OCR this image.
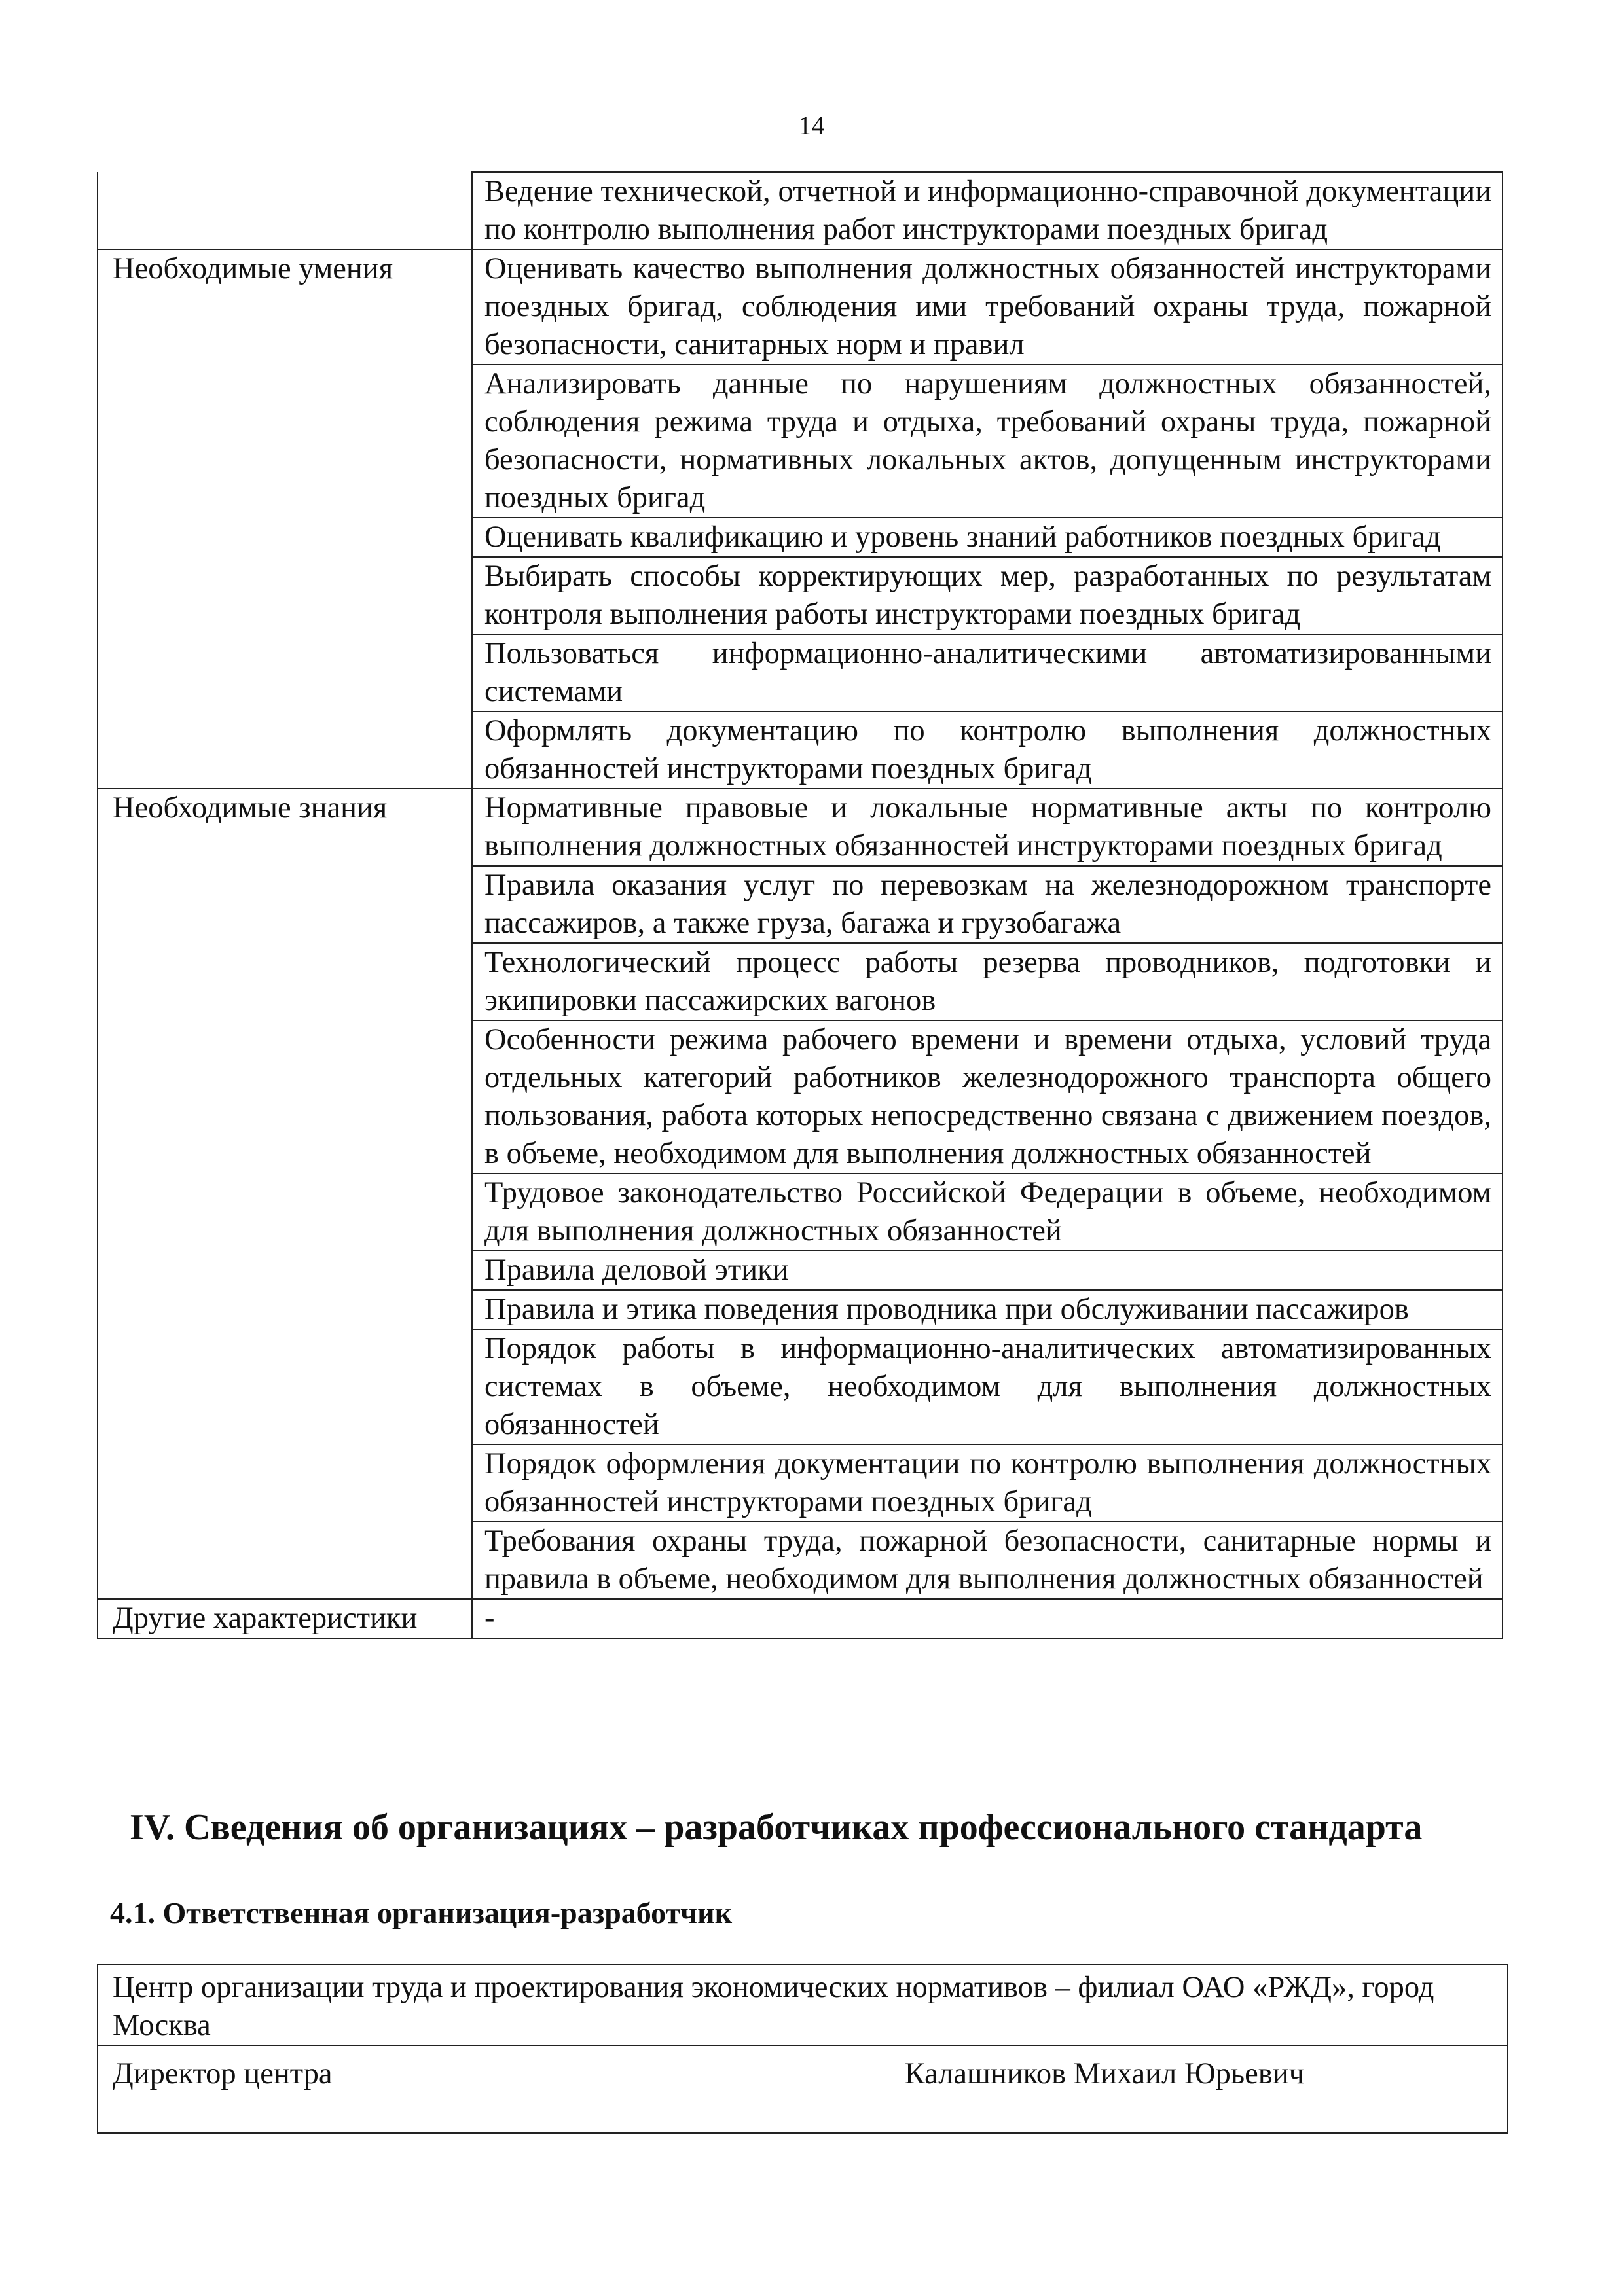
14
	Ведение технической, отчетной и информационно-справочной документации по контролю выполнения работ инструкторами поездных бригад
Необходимые умения	Оценивать качество выполнения должностных обязанностей инструкторами поездных бригад, соблюдения ими требований охраны труда, пожарной безопасности, санитарных норм и правил
	Анализировать данные по нарушениям должностных обязанностей, соблюдения режима труда и отдыха, требований охраны труда, пожарной безопасности, нормативных локальных актов, допущенным инструкторами поездных бригад
	Оценивать квалификацию и уровень знаний работников поездных бригад
	Выбирать способы корректирующих мер, разработанных по результатам контроля выполнения работы инструкторами поездных бригад
	Пользоваться информационно-аналитическими автоматизированными системами
	Оформлять документацию по контролю выполнения должностных обязанностей инструкторами поездных бригад
Необходимые знания	Нормативные правовые и локальные нормативные акты по контролю выполнения должностных обязанностей инструкторами поездных бригад
	Правила оказания услуг по перевозкам на железнодорожном транспорте пассажиров, а также груза, багажа и грузобагажа
	Технологический процесс работы резерва проводников, подготовки и экипировки пассажирских вагонов
	Особенности режима рабочего времени и времени отдыха, условий труда отдельных категорий работников железнодорожного транспорта общего пользования, работа которых непосредственно связана с движением поездов, в объеме, необходимом для выполнения должностных обязанностей
	Трудовое законодательство Российской Федерации в объеме, необходимом для выполнения должностных обязанностей
	Правила деловой этики
	Правила и этика поведения проводника при обслуживании пассажиров
	Порядок работы в информационно-аналитических автоматизированных системах в объеме, необходимом для выполнения должностных обязанностей
	Порядок оформления документации по контролю выполнения должностных обязанностей инструкторами поездных бригад
	Требования охраны труда, пожарной безопасности, санитарные нормы и правила в объеме, необходимом для выполнения должностных обязанностей
Другие характеристики	-
IV. Сведения об организациях – разработчиках профессионального стандарта
4.1. Ответственная организация-разработчик
Центр организации труда и проектирования экономических нормативов – филиал ОАО «РЖД», город Москва

Директор центра	Калашников Михаил Юрьевич
